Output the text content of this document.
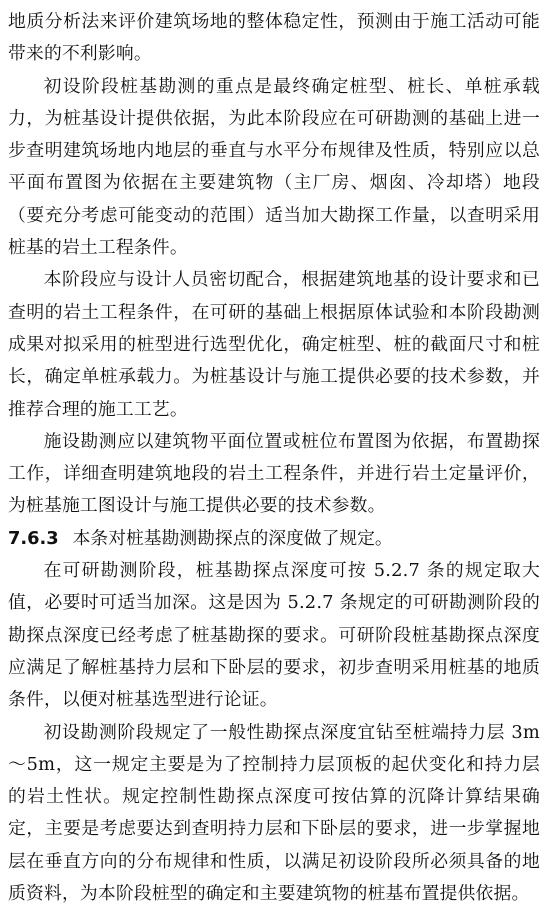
地质分析法来评价建筑场地的整体稳定性，预测由于施工活动可能带来的不利影响。

初设阶段桩基勘测的重点是最终确定桩型、桩长、单桩承载力，为桩基设计提供依据，为此本阶段应在可研勘测的基础上进一步查明建筑场地内地层的垂直与水平分布规律及性质，特别应以总平面布置图为依据在主要建筑物（主厂房、烟囱、冷却塔）地段（要充分考虑可能变动的范围）适当加大勘探工作量，以查明采用桩基的岩土工程条件。

本阶段应与设计人员密切配合，根据建筑地基的设计要求和已查明的岩土工程条件，在可研的基础上根据原体试验和本阶段勘测成果对拟采用的桩型进行选型优化，确定桩型、桩的截面尺寸和桩长，确定单桩承载力。为桩基设计与施工提供必要的技术参数，并推荐合理的施工工艺。

施设勘测应以建筑物平面位置或桩位布置图为依据，布置勘探工作，详细查明建筑地段的岩土工程条件，并进行岩土定量评价，为桩基施工图设计与施工提供必要的技术参数。

7.6.3 本条对桩基勘测勘探点的深度做了规定。

在可研勘测阶段，桩基勘探点深度可按 5.2.7 条的规定取大值，必要时可适当加深。这是因为 5.2.7 条规定的可研勘测阶段的勘探点深度已经考虑了桩基勘探的要求。可研阶段桩基勘探点深度应满足了解桩基持力层和下卧层的要求，初步查明采用桩基的地质条件，以便对桩基选型进行论证。

初设勘测阶段规定了一般性勘探点深度宜钻至桩端持力层 3m～5m，这一规定主要是为了控制持力层顶板的起伏变化和持力层的岩土性状。规定控制性勘探点深度可按估算的沉降计算结果确定，主要是考虑要达到查明持力层和下卧层的要求，进一步掌握地层在垂直方向的分布规律和性质，以满足初设阶段所必须具备的地质资料，为本阶段桩型的确定和主要建筑物的桩基布置提供依据。
